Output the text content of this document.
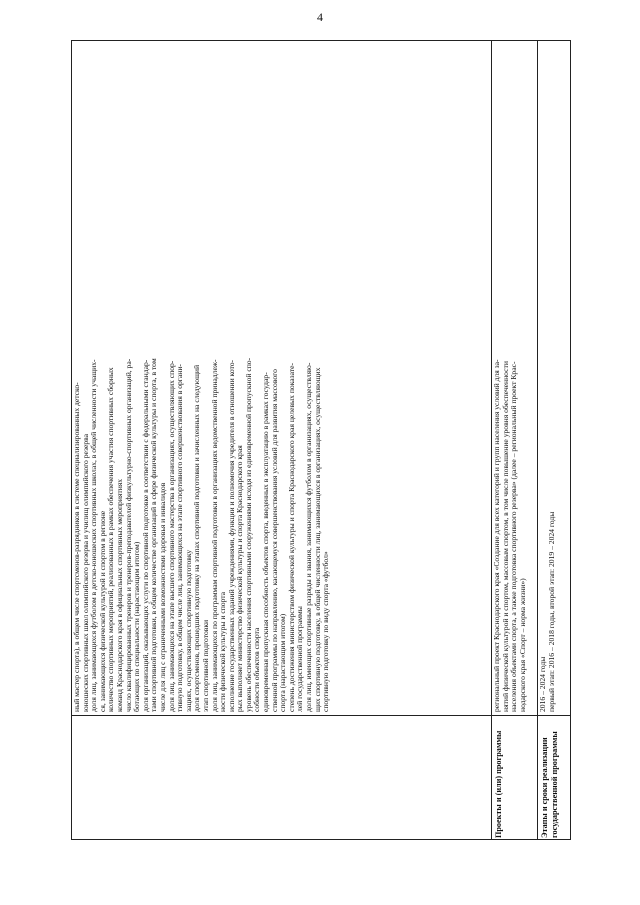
4

ный мастер спорта), в общем числе спортсменов-разрядников в системе специализированных детско- юношеских спортивных школ олимпийского резерва и училищ олимпийского резерва доля лиц, занимающихся футболом в детско-юношеских спортивных школах, в общей численности учащих- ся, занимающихся физической культурой и спортом в регионе количество спортивных мероприятий, реализованных в рамках обеспечения участия спортивных сборных команд Краснодарского края в официальных спортивных мероприятиях число квалифицированных тренеров и тренеров-преподавателей физкультурно-спортивных организаций, ра- ботающих по специальности (нарастающим итогом) доля организаций, оказывающих услуги по спортивной подготовке в соответствии с федеральными стандар- тами спортивной подготовки, в общем количестве организаций в сфере физической культуры и спорта, в том числе для лиц с ограниченными возможностями здоровья и инвалидов доля лиц, занимающихся на этапе высшего спортивного мастерства в организациях, осуществляющих спор- тивную подготовку, в общем числе лиц, занимающихся на этапе спортивного совершенствования в органи- зациях, осуществляющих спортивную подготовку доля спортсменов, прошедших подготовку на этапах спортивной подготовки и зачисленных на следующий этап спортивной подготовки доля лиц, занимающихся по программам спортивной подготовки в организациях ведомственной принадлеж- ности физической культуры и спорта исполнение государственных заданий учреждениями, функции и полномочия учредителя в отношении кото- рых выполняет министерство физической культуры и спорта Краснодарского края уровень обеспеченности населения спортивными сооружениями исходя из единовременной пропускной спо- собности объектов спорта единовременная пропускная способность объектов спорта, введенных в эксплуатацию в рамках государ- ственной программы по направлению, касающемуся совершенствования условий для развития массового спорта (нарастающим итогом) степень достижения министерством физической культуры и спорта Краснодарского края целевых показате- лей государственной программы доля лиц, имеющих спортивные разряды и звания, занимающихся футболом в организациях, осуществляю- щих спортивную подготовку, в общей численности лиц, занимающихся в организациях, осуществляющих спортивную подготовку по виду спорта «футбол»

Проекты и (или) программы

региональный проект Краснодарского края «Создание для всех категорий и групп населения условий для за- нятий физической культурой и спортом, массовым спортом, в том числе повышение уровня обеспеченности населения объектами спорта, а также подготовка спортивного резерва» (далее – региональный проект Крас- нодарского края «Спорт – норма жизни»)

Этапы и сроки реализации государственной программы

2016 – 2024 годы первый этап: 2016 – 2018 годы, второй этап: 2019 – 2024 годы
